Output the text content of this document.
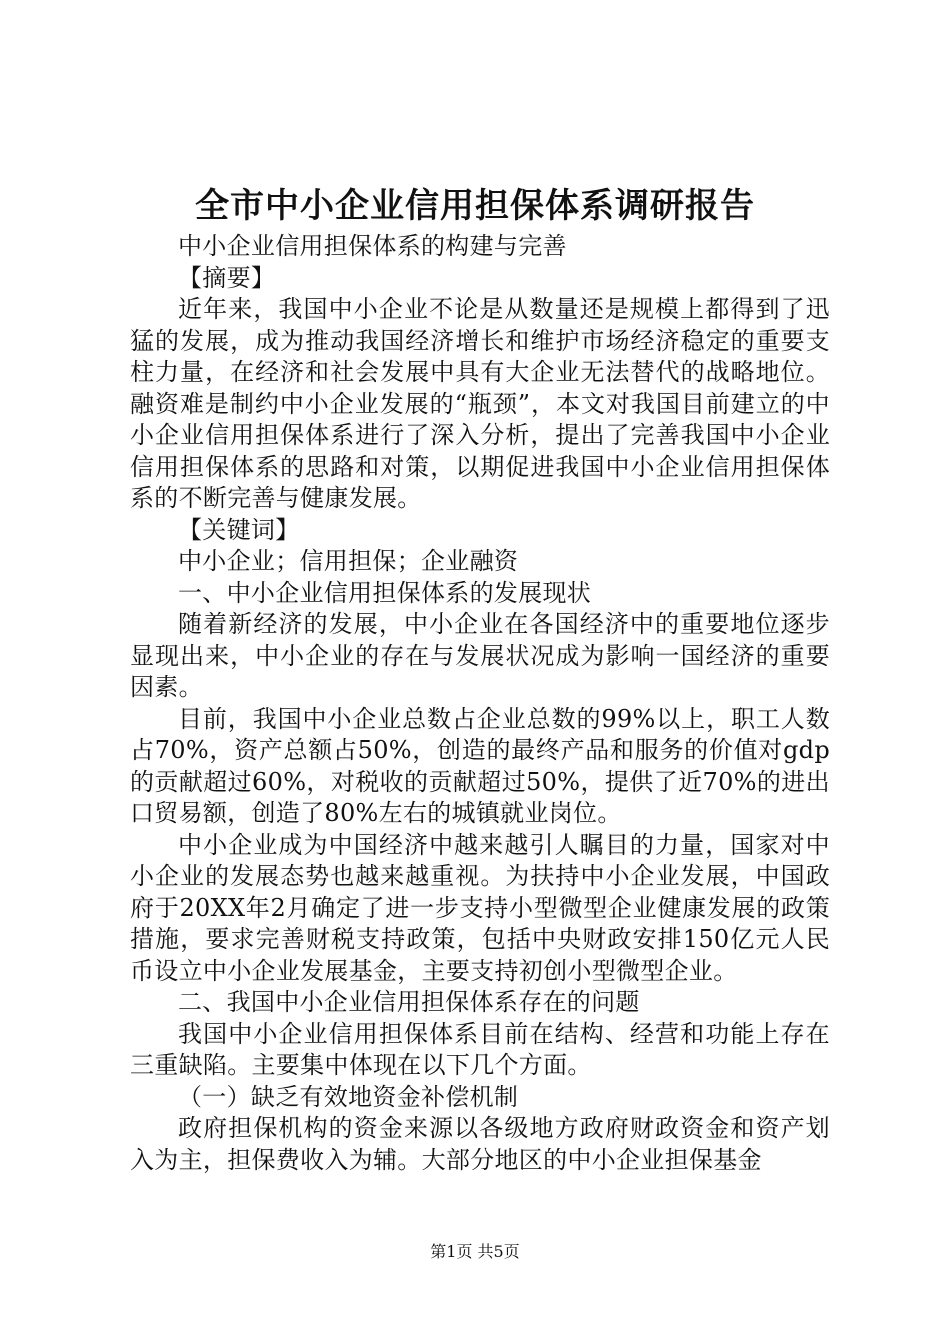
全市中小企业信用担保体系调研报告

中小企业信用担保体系的构建与完善

【摘要】

近年来，我国中小企业不论是从数量还是规模上都得到了迅猛的发展，成为推动我国经济增长和维护市场经济稳定的重要支柱力量，在经济和社会发展中具有大企业无法替代的战略地位。融资难是制约中小企业发展的“瓶颈”，本文对我国目前建立的中小企业信用担保体系进行了深入分析，提出了完善我国中小企业信用担保体系的思路和对策，以期促进我国中小企业信用担保体系的不断完善与健康发展。

【关键词】

中小企业；信用担保；企业融资

一、中小企业信用担保体系的发展现状

随着新经济的发展，中小企业在各国经济中的重要地位逐步显现出来，中小企业的存在与发展状况成为影响一国经济的重要因素。

目前，我国中小企业总数占企业总数的99%以上，职工人数占70%，资产总额占50%，创造的最终产品和服务的价值对gdp的贡献超过60%，对税收的贡献超过50%，提供了近70%的进出口贸易额，创造了80%左右的城镇就业岗位。

中小企业成为中国经济中越来越引人瞩目的力量，国家对中小企业的发展态势也越来越重视。为扶持中小企业发展，中国政府于20XX年2月确定了进一步支持小型微型企业健康发展的政策措施，要求完善财税支持政策，包括中央财政安排150亿元人民币设立中小企业发展基金，主要支持初创小型微型企业。

二、我国中小企业信用担保体系存在的问题

我国中小企业信用担保体系目前在结构、经营和功能上存在三重缺陷。主要集中体现在以下几个方面。

（一）缺乏有效地资金补偿机制

政府担保机构的资金来源以各级地方政府财政资金和资产划入为主，担保费收入为辅。大部分地区的中小企业担保基金

第1页 共5页
